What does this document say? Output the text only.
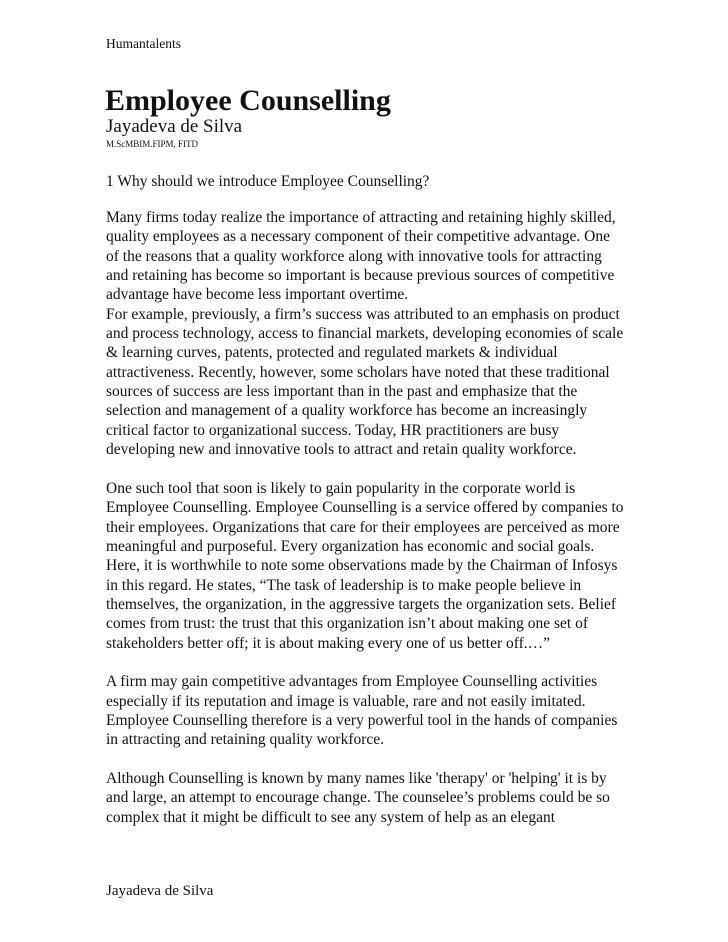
Humantalents
Employee Counselling
Jayadeva de Silva
M.ScMBIM.FIPM, FITD
1 Why should we introduce Employee Counselling?

Many firms today realize the importance of attracting and retaining highly skilled, quality employees as a necessary component of their competitive advantage. One of the reasons that a quality workforce along with innovative tools for attracting and retaining has become so important is because previous sources of competitive advantage have become less important overtime.

For example, previously, a firm’s success was attributed to an emphasis on product and process technology, access to financial markets, developing economies of scale & learning curves, patents, protected and regulated markets & individual attractiveness. Recently, however, some scholars have noted that these traditional sources of success are less important than in the past and emphasize that the selection and management of a quality workforce has become an increasingly critical factor to organizational success. Today, HR practitioners are busy developing new and innovative tools to attract and retain quality workforce.

One such tool that soon is likely to gain popularity in the corporate world is Employee Counselling. Employee Counselling is a service offered by companies to their employees. Organizations that care for their employees are perceived as more meaningful and purposeful. Every organization has economic and social goals. Here, it is worthwhile to note some observations made by the Chairman of Infosys in this regard. He states, “The task of leadership is to make people believe in themselves, the organization, in the aggressive targets the organization sets. Belief comes from trust: the trust that this organization isn’t about making one set of stakeholders better off; it is about making every one of us better off.…”

A firm may gain competitive advantages from Employee Counselling activities especially if its reputation and image is valuable, rare and not easily imitated. Employee Counselling therefore is a very powerful tool in the hands of companies in attracting and retaining quality workforce.

Although Counselling is known by many names like 'therapy' or 'helping' it is by and large, an attempt to encourage change. The counselee’s problems could be so complex that it might be difficult to see any system of help as an elegant

Jayadeva de Silva
